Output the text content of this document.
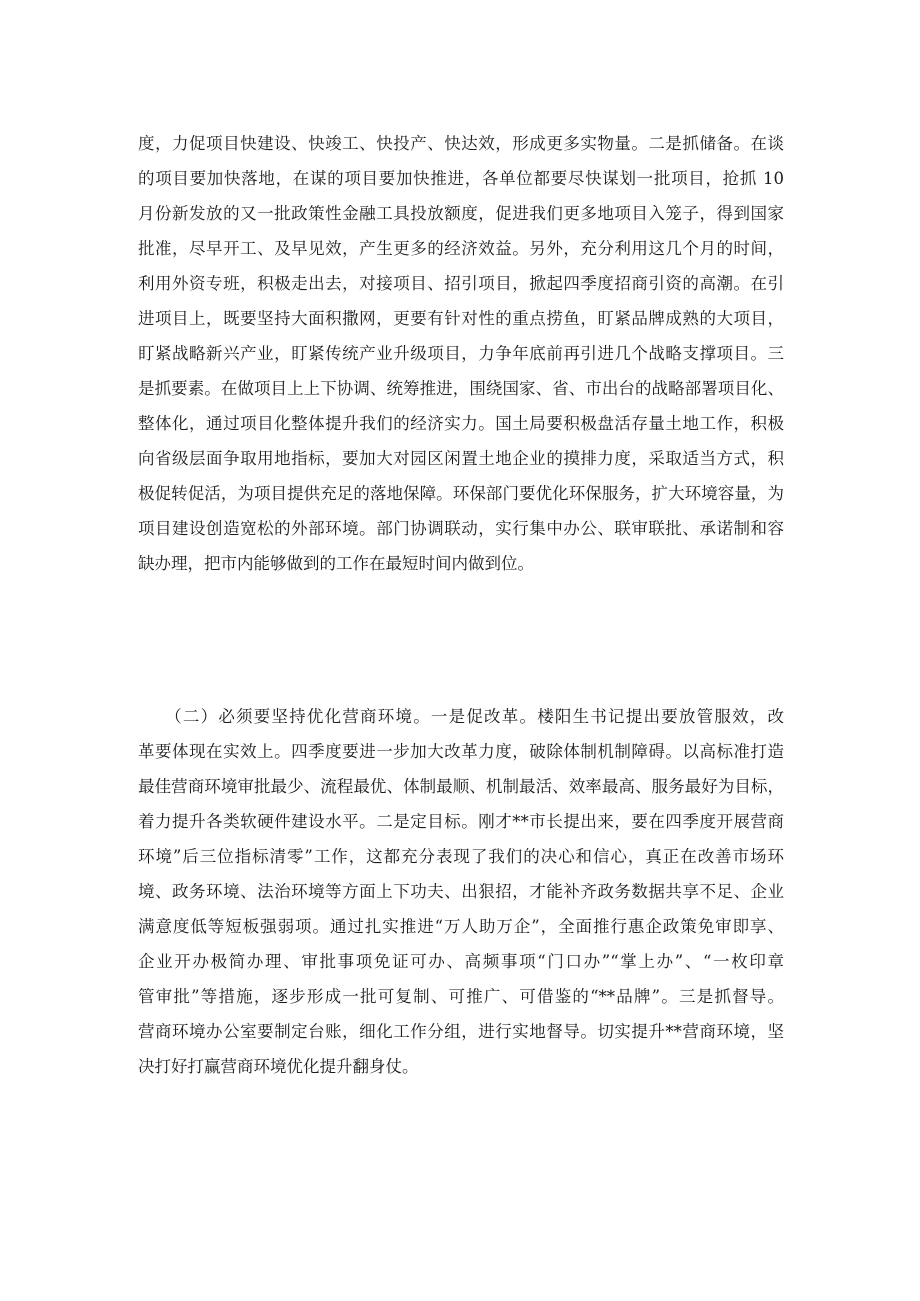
度，力促项目快建设、快竣工、快投产、快达效，形成更多实物量。二是抓储备。在谈
的项目要加快落地，在谋的项目要加快推进，各单位都要尽快谋划一批项目，抢抓 10
月份新发放的又一批政策性金融工具投放额度，促进我们更多地项目入笼子，得到国家
批准，尽早开工、及早见效，产生更多的经济效益。另外，充分利用这几个月的时间，
利用外资专班，积极走出去，对接项目、招引项目，掀起四季度招商引资的高潮。在引
进项目上，既要坚持大面积撒网，更要有针对性的重点捞鱼，盯紧品牌成熟的大项目，
盯紧战略新兴产业，盯紧传统产业升级项目，力争年底前再引进几个战略支撑项目。三
是抓要素。在做项目上上下协调、统筹推进，围绕国家、省、市出台的战略部署项目化、
整体化，通过项目化整体提升我们的经济实力。国土局要积极盘活存量土地工作，积极
向省级层面争取用地指标，要加大对园区闲置土地企业的摸排力度，采取适当方式，积
极促转促活，为项目提供充足的落地保障。环保部门要优化环保服务，扩大环境容量，为
项目建设创造宽松的外部环境。部门协调联动，实行集中办公、联审联批、承诺制和容
缺办理，把市内能够做到的工作在最短时间内做到位。
　　（二）必须要坚持优化营商环境。一是促改革。楼阳生书记提出要放管服效，改
革要体现在实效上。四季度要进一步加大改革力度，破除体制机制障碍。以高标准打造
最佳营商环境审批最少、流程最优、体制最顺、机制最活、效率最高、服务最好为目标，
着力提升各类软硬件建设水平。二是定目标。刚才**市长提出来，要在四季度开展营商
环境”后三位指标清零”工作，这都充分表现了我们的决心和信心，真正在改善市场环
境、政务环境、法治环境等方面上下功夫、出狠招，才能补齐政务数据共享不足、企业
满意度低等短板强弱项。通过扎实推进“万人助万企”，全面推行惠企政策免审即享、
企业开办极简办理、审批事项免证可办、高频事项“门口办”“掌上办”、“一枚印章
管审批”等措施，逐步形成一批可复制、可推广、可借鉴的“**品牌”。三是抓督导。
营商环境办公室要制定台账，细化工作分组，进行实地督导。切实提升**营商环境，坚
决打好打赢营商环境优化提升翻身仗。
